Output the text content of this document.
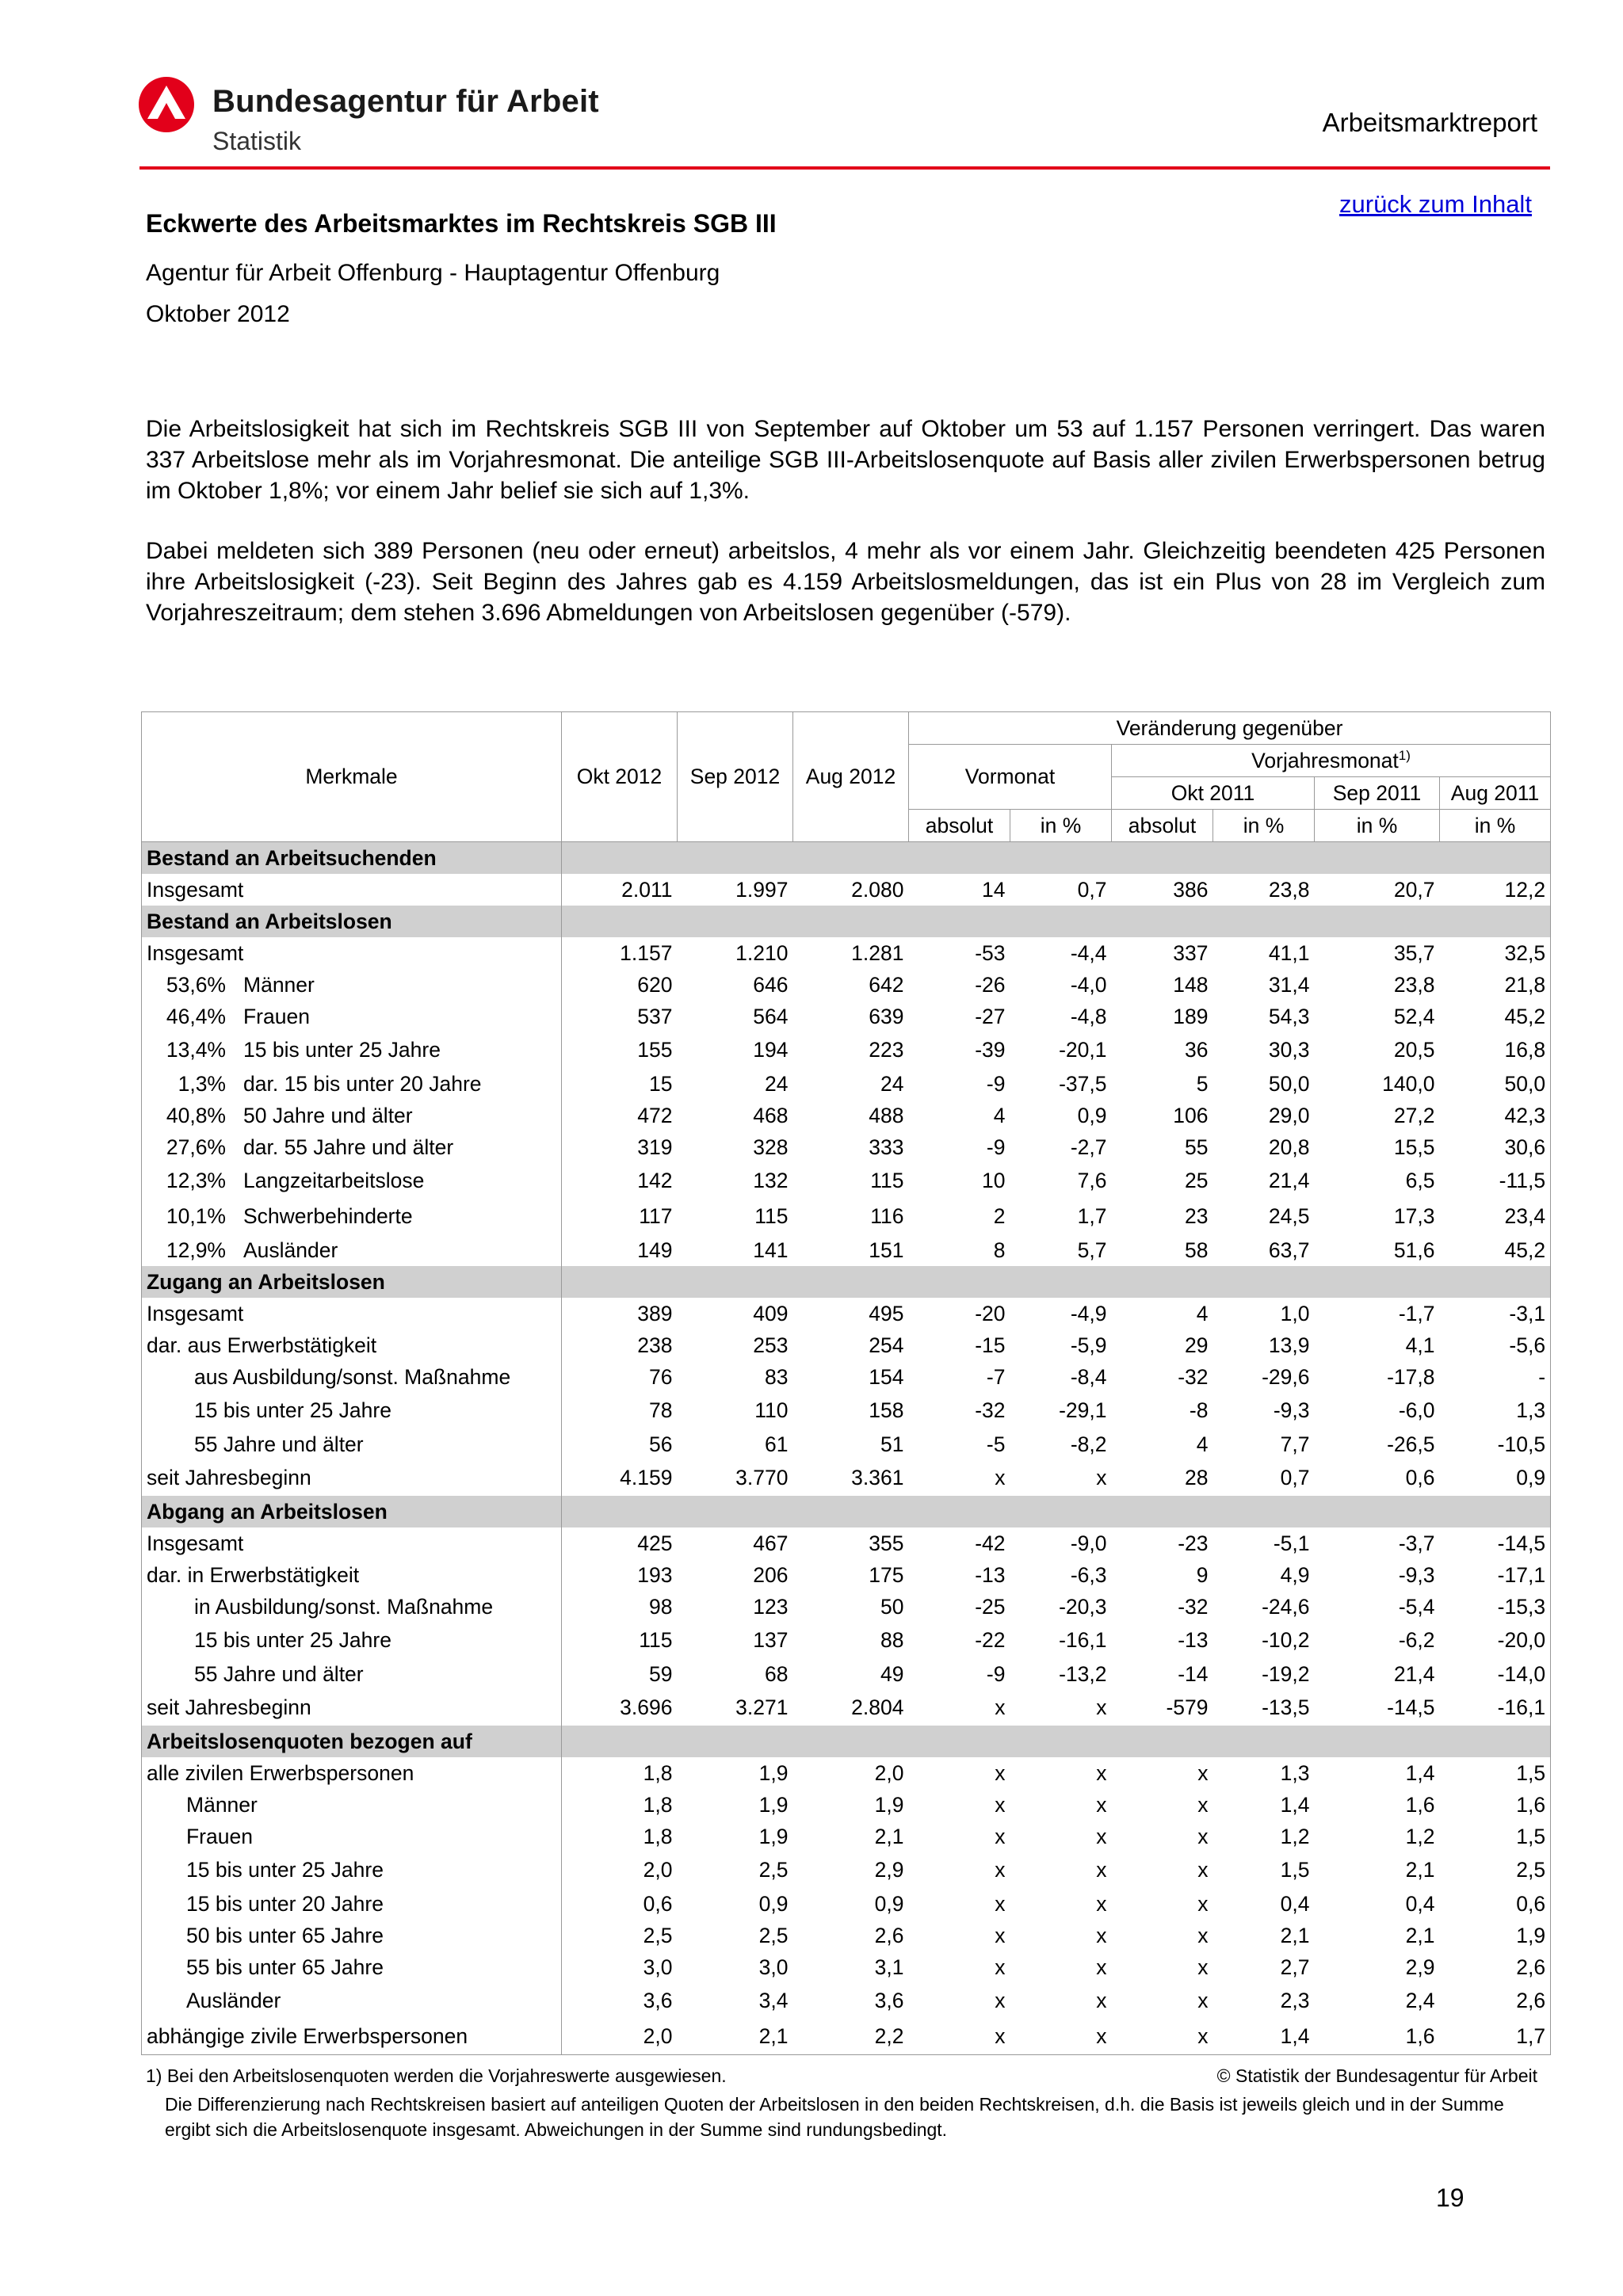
Bundesagentur für Arbeit
Statistik
Arbeitsmarktreport
zurück zum Inhalt
Eckwerte des Arbeitsmarktes im Rechtskreis SGB III
Agentur für Arbeit Offenburg - Hauptagentur Offenburg
Oktober 2012
Die Arbeitslosigkeit hat sich im Rechtskreis SGB III von September auf Oktober um 53 auf 1.157 Personen verringert. Das waren 337 Arbeitslose mehr als im Vorjahresmonat. Die anteilige SGB III-Arbeitslosenquote auf Basis aller zivilen Erwerbspersonen betrug im Oktober 1,8%; vor einem Jahr belief sie sich auf 1,3%.
Dabei meldeten sich 389 Personen (neu oder erneut) arbeitslos, 4 mehr als vor einem Jahr. Gleichzeitig beendeten 425 Personen ihre Arbeitslosigkeit (-23). Seit Beginn des Jahres gab es 4.159 Arbeitslosmeldungen, das ist ein Plus von 28 im Vergleich zum Vorjahreszeitraum; dem stehen 3.696 Abmeldungen von Arbeitslosen gegenüber (-579).
Merkmale	Okt 2012	Sep 2012	Aug 2012	Veränderung gegenüber					
				Vormonat		Vorjahresmonat$^{1)}$
						Okt 2011		Sep 2011	Aug 2011
				absolut	in %	absolut	in %	in %	in %
Bestand an Arbeitsuchenden									
Insgesamt	2.011	1.997	2.080	14	0,7	386	23,8	20,7	12,2
Bestand an Arbeitslosen									
Insgesamt	1.157	1.210	1.281	-53	-4,4	337	41,1	35,7	32,5
53,6% Männer	620	646	642	-26	-4,0	148	31,4	23,8	21,8
46,4% Frauen	537	564	639	-27	-4,8	189	54,3	52,4	45,2
13,4% 15 bis unter 25 Jahre	155	194	223	-39	-20,1	36	30,3	20,5	16,8
1,3% dar. 15 bis unter 20 Jahre	15	24	24	-9	-37,5	5	50,0	140,0	50,0
40,8% 50 Jahre und älter	472	468	488	4	0,9	106	29,0	27,2	42,3
27,6% dar. 55 Jahre und älter	319	328	333	-9	-2,7	55	20,8	15,5	30,6
12,3% Langzeitarbeitslose	142	132	115	10	7,6	25	21,4	6,5	-11,5
10,1% Schwerbehinderte	117	115	116	2	1,7	23	24,5	17,3	23,4
12,9% Ausländer	149	141	151	8	5,7	58	63,7	51,6	45,2
Zugang an Arbeitslosen									
Insgesamt	389	409	495	-20	-4,9	4	1,0	-1,7	-3,1
dar. aus Erwerbstätigkeit	238	253	254	-15	-5,9	29	13,9	4,1	-5,6
aus Ausbildung/sonst. Maßnahme	76	83	154	-7	-8,4	-32	-29,6	-17,8	-
15 bis unter 25 Jahre	78	110	158	-32	-29,1	-8	-9,3	-6,0	1,3
55 Jahre und älter	56	61	51	-5	-8,2	4	7,7	-26,5	-10,5
seit Jahresbeginn	4.159	3.770	3.361	x	x	28	0,7	0,6	0,9
Abgang an Arbeitslosen									
Insgesamt	425	467	355	-42	-9,0	-23	-5,1	-3,7	-14,5
dar. in Erwerbstätigkeit	193	206	175	-13	-6,3	9	4,9	-9,3	-17,1
in Ausbildung/sonst. Maßnahme	98	123	50	-25	-20,3	-32	-24,6	-5,4	-15,3
15 bis unter 25 Jahre	115	137	88	-22	-16,1	-13	-10,2	-6,2	-20,0
55 Jahre und älter	59	68	49	-9	-13,2	-14	-19,2	21,4	-14,0
seit Jahresbeginn	3.696	3.271	2.804	x	x	-579	-13,5	-14,5	-16,1
Arbeitslosenquoten bezogen auf									
alle zivilen Erwerbspersonen	1,8	1,9	2,0	x	x	x	1,3	1,4	1,5
Männer	1,8	1,9	1,9	x	x	x	1,4	1,6	1,6
Frauen	1,8	1,9	2,1	x	x	x	1,2	1,2	1,5
15 bis unter 25 Jahre	2,0	2,5	2,9	x	x	x	1,5	2,1	2,5
15 bis unter 20 Jahre	0,6	0,9	0,9	x	x	x	0,4	0,4	0,6
50 bis unter 65 Jahre	2,5	2,5	2,6	x	x	x	2,1	2,1	1,9
55 bis unter 65 Jahre	3,0	3,0	3,1	x	x	x	2,7	2,9	2,6
Ausländer	3,6	3,4	3,6	x	x	x	2,3	2,4	2,6
abhängige zivile Erwerbspersonen	2,0	2,1	2,2	x	x	x	1,4	1,6	1,7
1) Bei den Arbeitslosenquoten werden die Vorjahreswerte ausgewiesen.	© Statistik der Bundesagentur für Arbeit
Die Differenzierung nach Rechtskreisen basiert auf anteiligen Quoten der Arbeitslosen in den beiden Rechtskreisen, d.h. die Basis ist jeweils gleich und in der Summe ergibt sich die Arbeitslosenquote insgesamt. Abweichungen in der Summe sind rundungsbedingt.
19
